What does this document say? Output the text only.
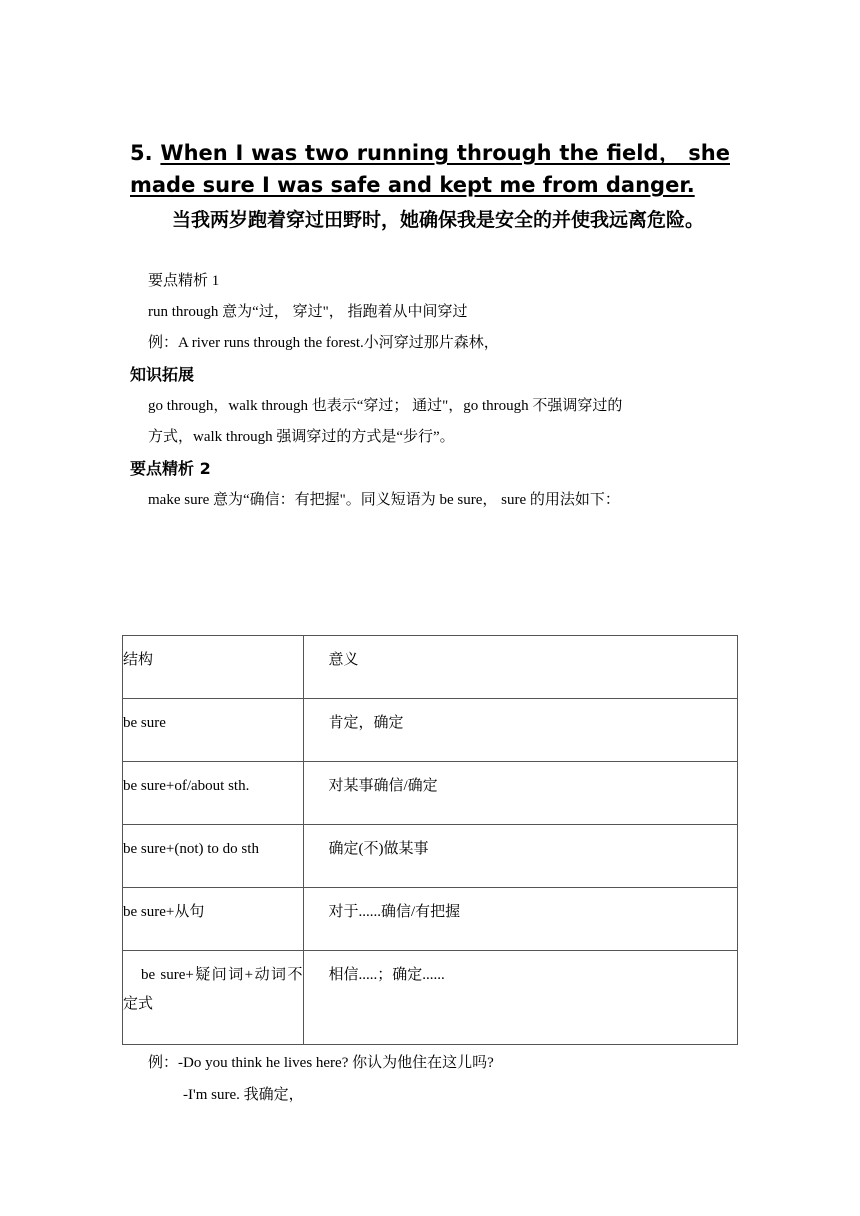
5. When I was two running through the field， she made sure I was safe and kept me from danger.
当我两岁跑着穿过田野时，她确保我是安全的并使我远离危险。
要点精析 1
run through 意为“过， 穿过"， 指跑着从中间穿过
例：A river runs through the forest.小河穿过那片森林，
知识拓展
go through，walk through 也表示“穿过； 通过"，go through 不强调穿过的
方式，walk through 强调穿过的方式是“步行”。
要点精析 2
make sure 意为“确信：有把握"。同义短语为 be sure， sure 的用法如下：
结构	意义
be sure	肯定，确定
be sure+of/about sth.	对某事确信/确定
be sure+(not) to do sth	确定(不)做某事
be sure+从句	对于......确信/有把握
be sure+疑问词+动词不定式	相信.....；确定......
例：-Do you think he lives here? 你认为他住在这儿吗?
-I'm sure. 我确定，
